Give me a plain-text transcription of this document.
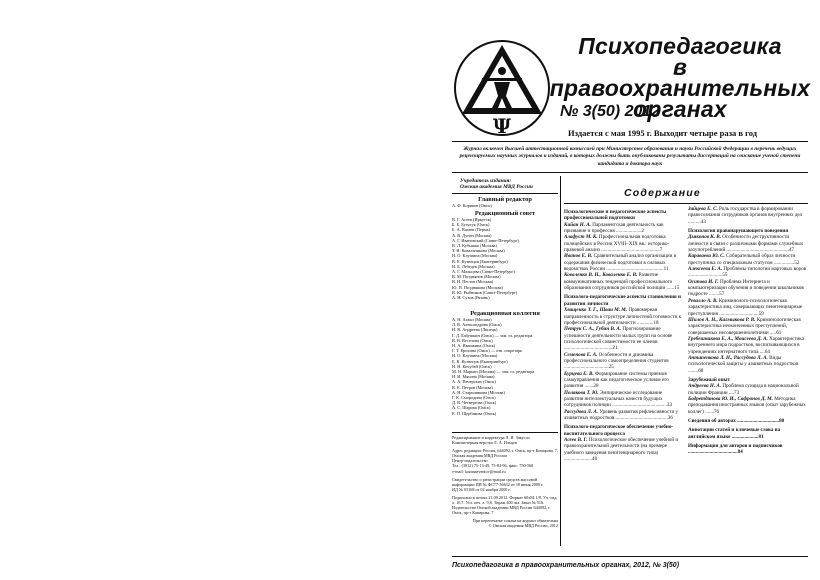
Ψ
Психопедагогика
в правоохранительных
органах
№ 3(50) 2012
Издается с мая 1995 г. Выходит четыре раза в год
Журнал включен Высшей аттестационной комиссией при Министерстве образования и науки Российской Федерации в перечень ведущих рецензируемых научных журналов и изданий, в которых должны быть опубликованы результаты диссертаций на соискание ученой степени кандидата и доктора наук
Учредитель издания:
Омская академия МВД России
Главный редактор
А. Ф. Кориков (Омск)
Редакционный совет
В. Г. Асеев (Иркутск)
Б. Б. Бузулук (Омск)
Б. А. Ватаев (Пермь)
А. В. Дугин (Москва)
А. Г. Ивановский (Санкт-Петербург)
В. Л. Кубышко (Москва)
Т. Н. Ковальникова (Москва)
Н. О. Клушина (Москва)
В. Е. Кузнецов (Екатеринбург)
Н. Б. Лебедев (Москва)
А. Г. Мальцева (Санкт-Петербург)
В. М. Позднянов (Москва)
В. Н. Пестов (Москва)
Ю. П. Позднякова (Москва)
В. Ю. Рыбников (Санкт-Петербург)
А. Н. Сухов (Рязань)
Редакционная коллегия
А. Н. Ахвал (Москва)
Л. В. Александрова (Омск)
Н. В. Андреева (Липецк)
Г. Д. Бабушкин (Омск) — зам. гл. редактора
В. В. Веселова (Омск)
Н. А. Ивашкина (Омск)
Г. Т. Ерохина (Омск) — отв. секретарь
Н. О. Клушина (Москва)
Б. К. Кузнецов (Екатеринбург)
Н. Н. Кочубей (Омск)
М. Н. Марьин (Москва) — зам. гл. редактора
Н. И. Мясина (Москва)
А. А. Печерских (Омск)
В. Е. Петров (Москва)
А. Н. Старшинкова (Москва)
Г. К. Смородина (Омск)
Д. В. Четвергова (Омск)
А. С. Шарова (Омск)
Е. П. Щербакова (Омск)
Редактирование и корректура Л. И. Закусло
Компьютерная верстка Л. А. Ильцев
Адрес редакции: Россия, 644092, г. Омск, пр-т Комарова, 7, Омская академия МВД России
Центр-издательство
Тел.: (3812) 75-13-49, 75-84-96, факс: 750-560
e-mail: kazanaeventov@mail.ru
Свидетельство о регистрации средств массовой информации ПИ № ФС77-36632 от 18 июня 2009 г.
ИД № 03168 от 02 ноября 2000 г.
Подписано в печать 21.09.2012. Формат 60х84 1/8. Уч.-изд. л. 10,7. Усл. печ. л. 9,8. Тираж 400 экз. Заказ № 316.
Издательство Омской академии МВД России 644092, г. Омск, пр-т Комарова, 7
При перепечатке ссылка на журнал обязательна
© Омская академия МВД России, 2012
Содержание
Психологические и педагогические аспекты профессиональной подготовки
Кийан Н. А. Парламентская деятельность как призвание и профессия ....................2
Алафуст М. К. Профессиональная подготовка полицейских в России XVIII–XIX вв.: историко-правовой анализ ..............................................7
Иванов Е. В. Сравнительный анализ организации и содержания физической подготовки в силовых ведомствах России .............................................11
Коваленко В. Н., Коваленко Е. В. Развитие коммуникативных тенденций профессионального образования сотрудников российской полиции ......15
Психолого-педагогические аспекты становления и развития личности
Хващенко Т. Г., Шваи М. М. Правомерная направленность в структуре личностной готовности к профессиональной деятельности .............18
Петрук С. А., Губин В. А. Прогнозирование успешности деятельности малых групп на основе психологической совместимости ее членов ......................................21
Семенова Е. А. Особенности и динамика профессионального самоопределения студентов ...................................25
Бурцева Е. В. Формирование системы приемов самоуправления как педагогическое условие его развития .......28
Полякова Т. Ю. Эмпирическое исследование развития интеллектуальных качеств будущих сотрудников полиции ...........................................33
Рассудова Л. А. Уровень развития рефлексивности у аэшвитных подростков .........................................36
Психолого-педагогическое обеспечение учебно-воспитательного процесса
Асеев В. Г. Психологическое обеспечение учебной и правоохранительной деятельности (на примере учебного заведения пенитенциарного типа) ......................40
Зайцева Е. С. Роль государства в формировании правосознания сотрудников органов внутренних дел ..........43
Психология правонарушающего поведения
Дьяконов К. В. Особенности деструктивности личности в связи с различными формами служебных злоупотреблений .................................................47
Караваева Ю. С. Собирательный образ личности преступника со специальным статусом ................52
Алексеева Е. А. Проблемы типологии мартовых воров ...........................55
Осипова И. Г. Проблема Интернета и компьютеризации обучения и поведении школьников подросте ........57
Ревалло А. В. Криминолого-психологическая характеристика лиц, совершающих пенитенциарные преступления ...............................59
Шилов А. Н., Калмыкова Р. В. Криминологическая характеристика неоконченных преступлений, совершаемых несовершеннолетними .....61
Гребешникова Е. А., Моисеева Д. А. Характеристика внутреннего мира подростков, воспитывающихся в учреждениях интернатного типа ....64
Антипенкова Л. Н., Рассудова Л. А. Виды психологической защиты у аэшвитных подростков ........68
Зарубежный опыт
Андреева Н. А. Проблема суицида в национальной полиции Франции ....73
Бадретдинова Ю. И., Сафронов Д. М. Методика преподавания иностранных языков (опыт зарубежных коллег) .......76
Сведения об авторах .................................80
Аннотации статей и ключевые слова на английском языке .....................81
Информация для авторов и подписчиков .......................................84
Психопедагогика в правоохранительных органах, 2012, № 3(50)
